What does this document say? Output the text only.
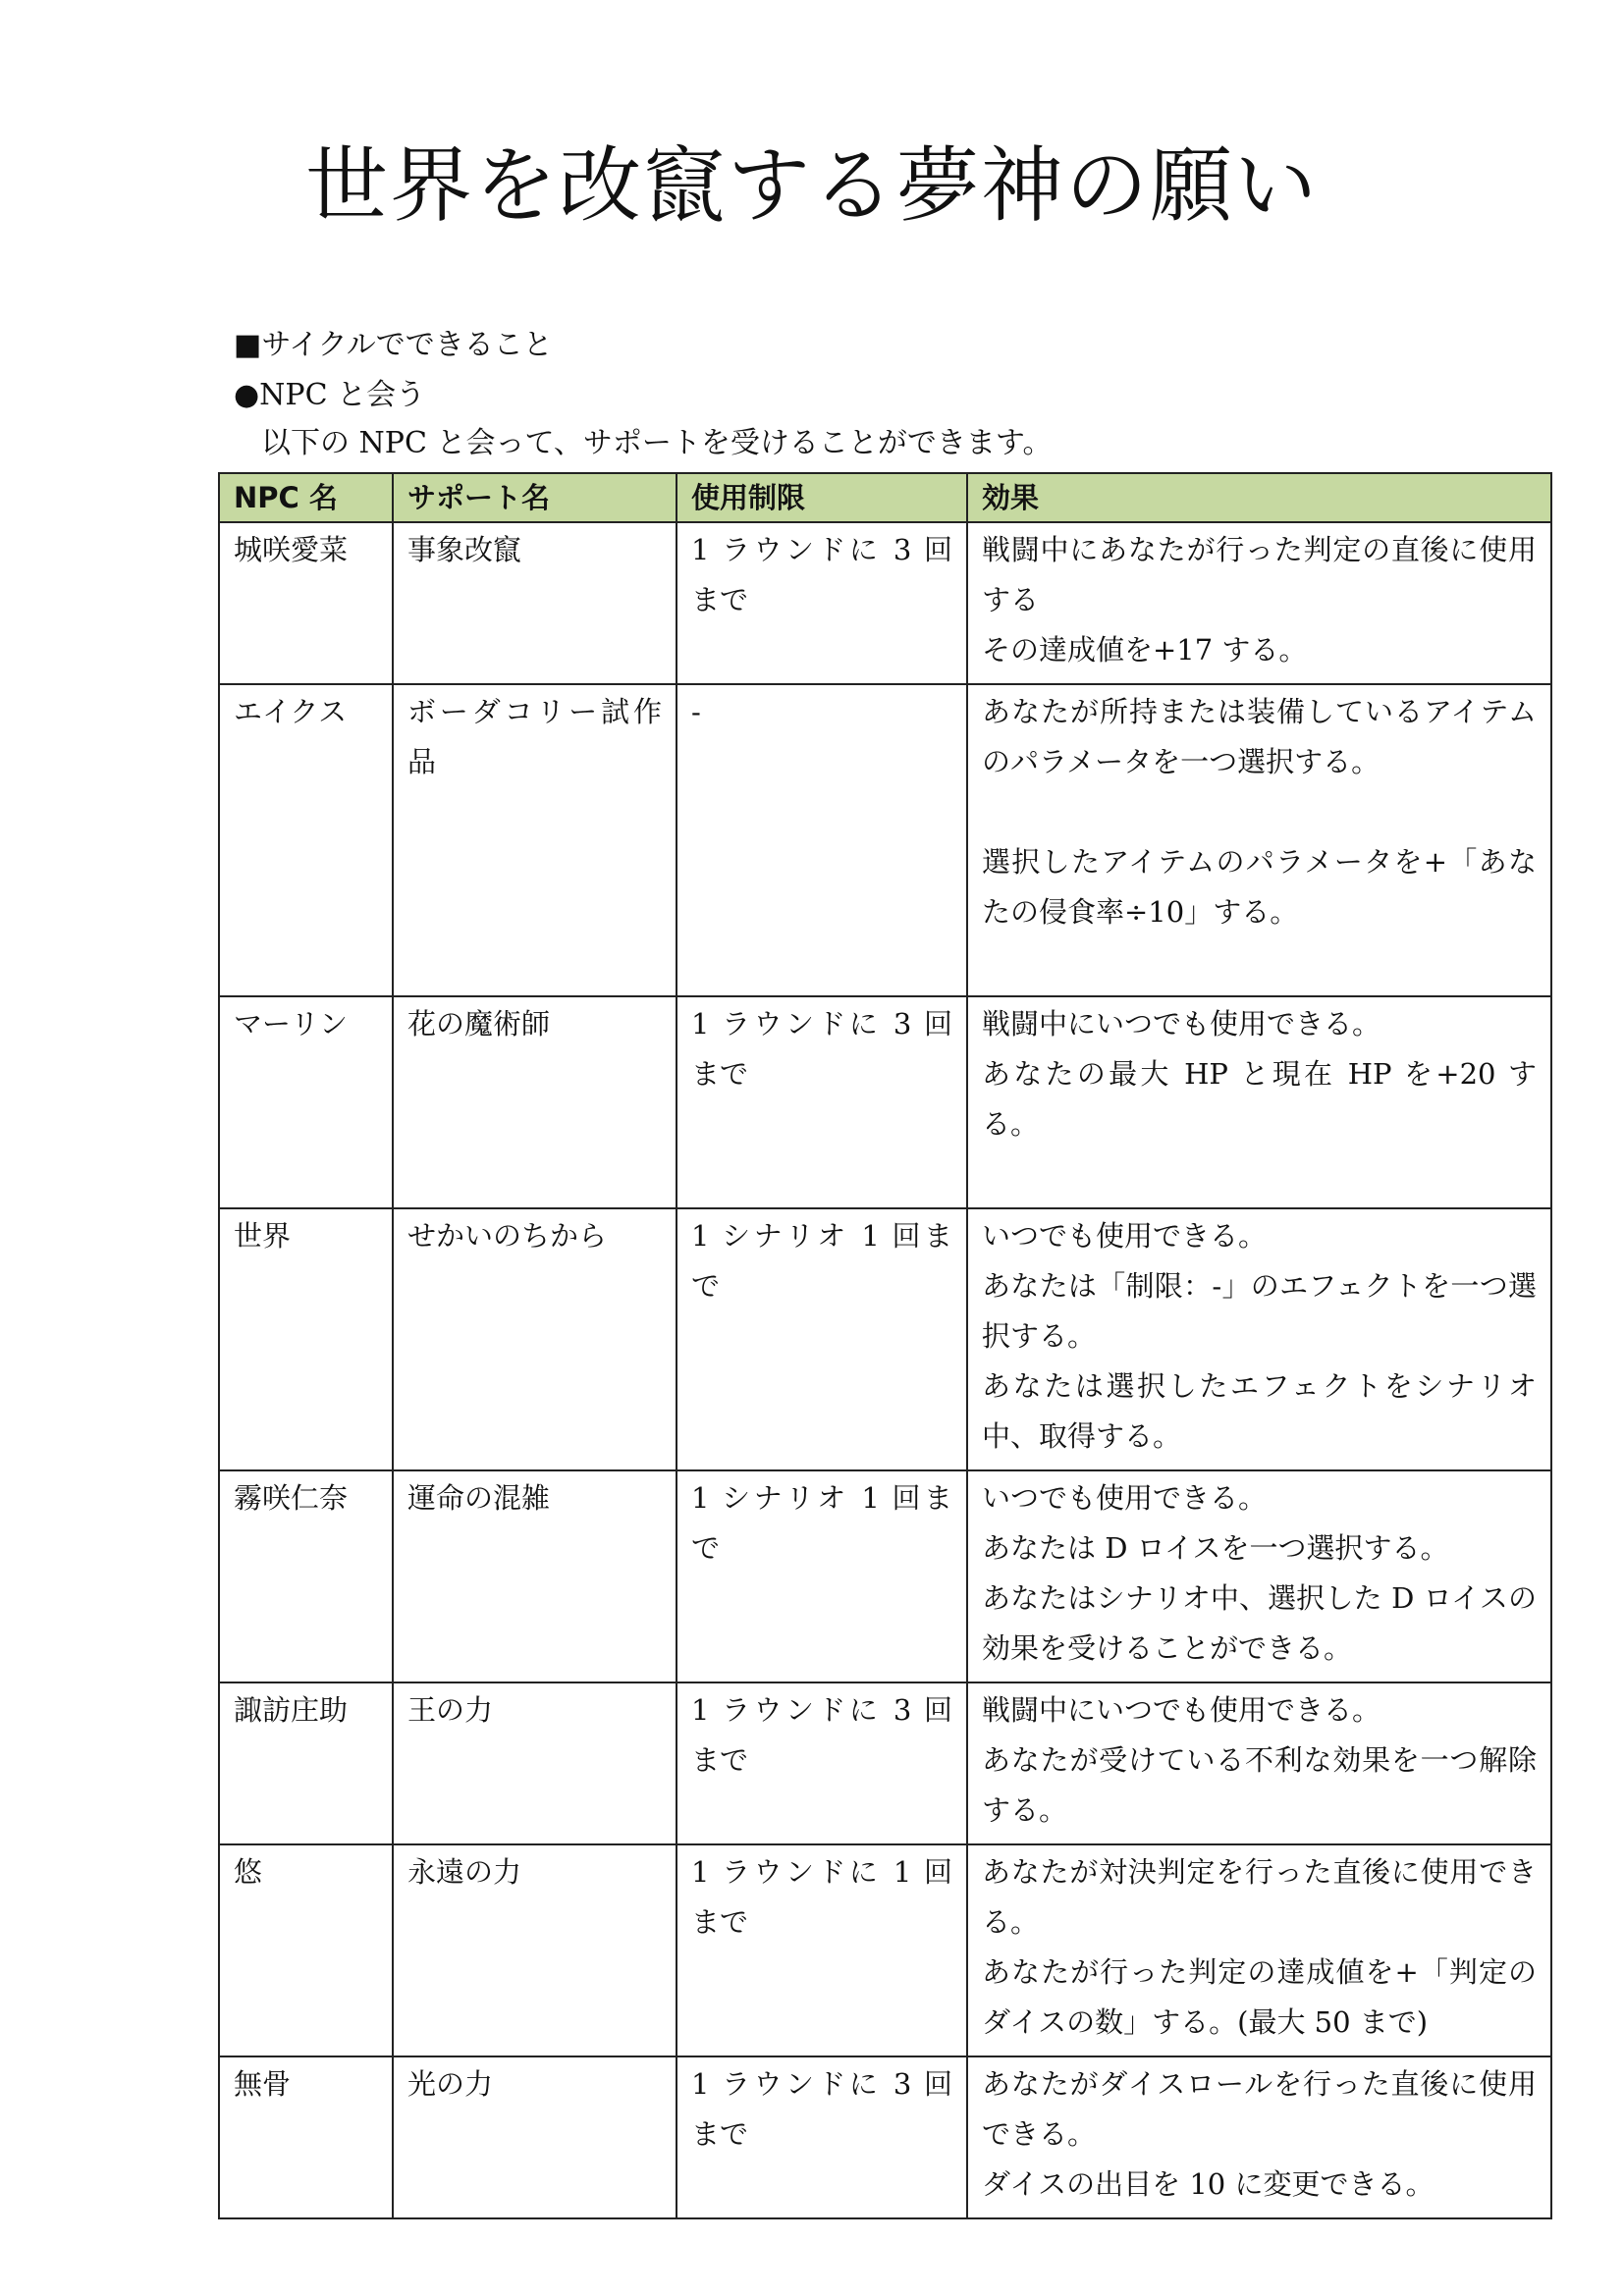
世界を改竄する夢神の願い
■サイクルでできること
●NPC と会う
以下の NPC と会って、サポートを受けることができます。
NPC 名	サポート名	使用制限	効果
城咲愛菜	事象改竄	1 ラウンドに 3 回まで	戦闘中にあなたが行った判定の直後に使用する
その達成値を+17 する。

エイクス	ボーダコリー試作品	-	あなたが所持または装備しているアイテムのパラメータを一つ選択する。
選択したアイテムのパラメータを+「あなたの侵食率÷10」する。

マーリン	花の魔術師	1 ラウンドに 3 回まで	戦闘中にいつでも使用できる。
あなたの最大 HP と現在 HP を+20 する。

世界	せかいのちから	1 シナリオ 1 回まで	いつでも使用できる。
あなたは「制限：-」のエフェクトを一つ選択する。
あなたは選択したエフェクトをシナリオ中、取得する。

霧咲仁奈	運命の混雑	1 シナリオ 1 回まで	いつでも使用できる。
あなたは D ロイスを一つ選択する。
あなたはシナリオ中、選択した D ロイスの効果を受けることができる。

諏訪庄助	王の力	1 ラウンドに 3 回まで	戦闘中にいつでも使用できる。
あなたが受けている不利な効果を一つ解除する。

悠	永遠の力	1 ラウンドに 1 回まで	あなたが対決判定を行った直後に使用できる。
あなたが行った判定の達成値を+「判定のダイスの数」する。(最大 50 まで)

無骨	光の力	1 ラウンドに 3 回まで	あなたがダイスロールを行った直後に使用できる。
ダイスの出目を 10 に変更できる。
